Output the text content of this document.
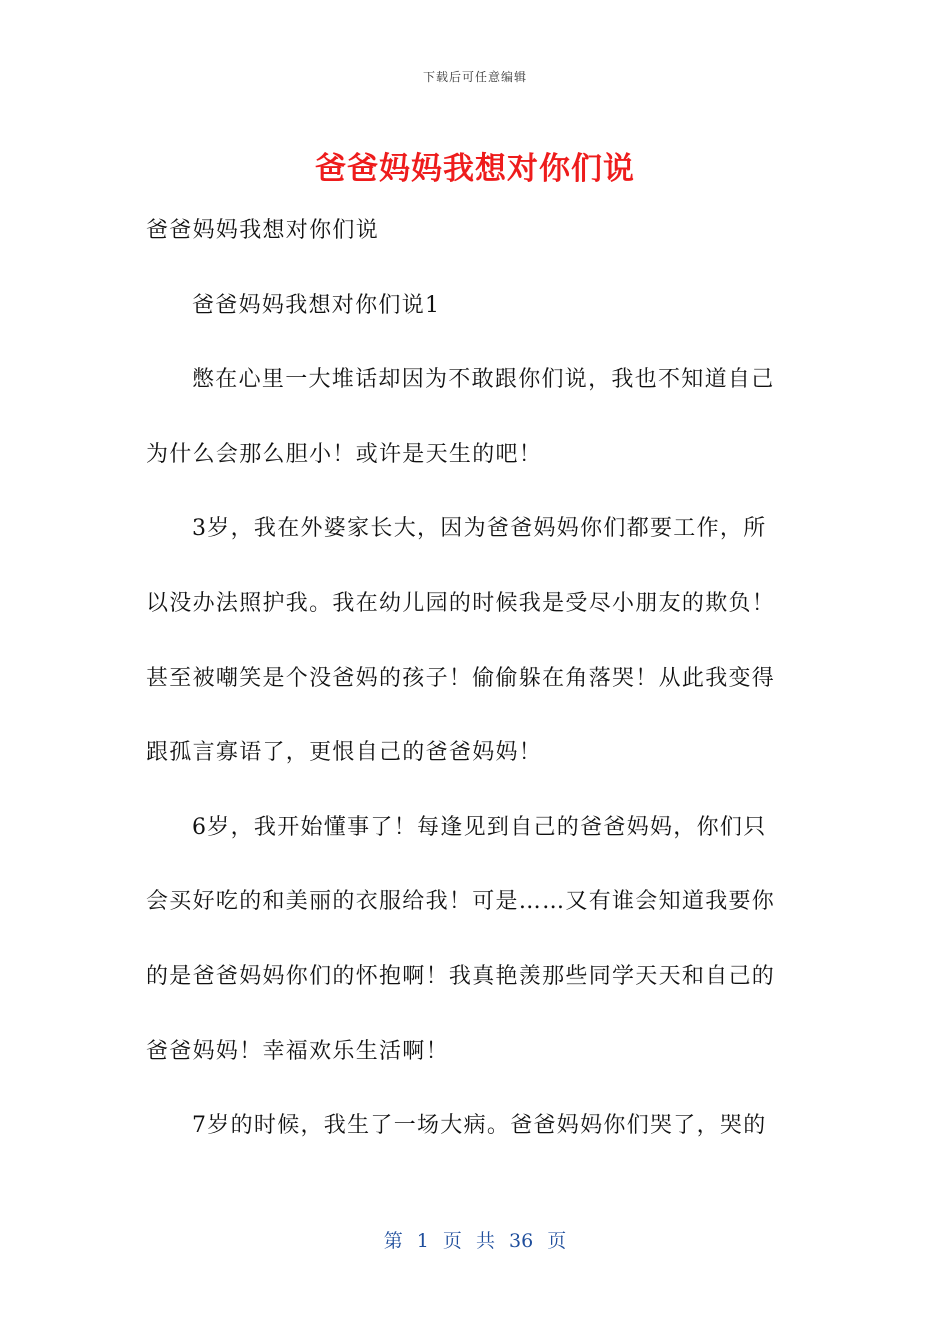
下载后可任意编辑
爸爸妈妈我想对你们说
爸爸妈妈我想对你们说
爸爸妈妈我想对你们说1
憋在心里一大堆话却因为不敢跟你们说，我也不知道自己
为什么会那么胆小！或许是天生的吧！
3岁，我在外婆家长大，因为爸爸妈妈你们都要工作，所
以没办法照护我。我在幼儿园的时候我是受尽小朋友的欺负！
甚至被嘲笑是个没爸妈的孩子！偷偷躲在角落哭！从此我变得
跟孤言寡语了，更恨自己的爸爸妈妈！
6岁，我开始懂事了！每逢见到自己的爸爸妈妈，你们只
会买好吃的和美丽的衣服给我！可是……又有谁会知道我要你
的是爸爸妈妈你们的怀抱啊！我真艳羡那些同学天天和自己的
爸爸妈妈！幸福欢乐生活啊！
7岁的时候，我生了一场大病。爸爸妈妈你们哭了，哭的
第 1 页 共 36 页
